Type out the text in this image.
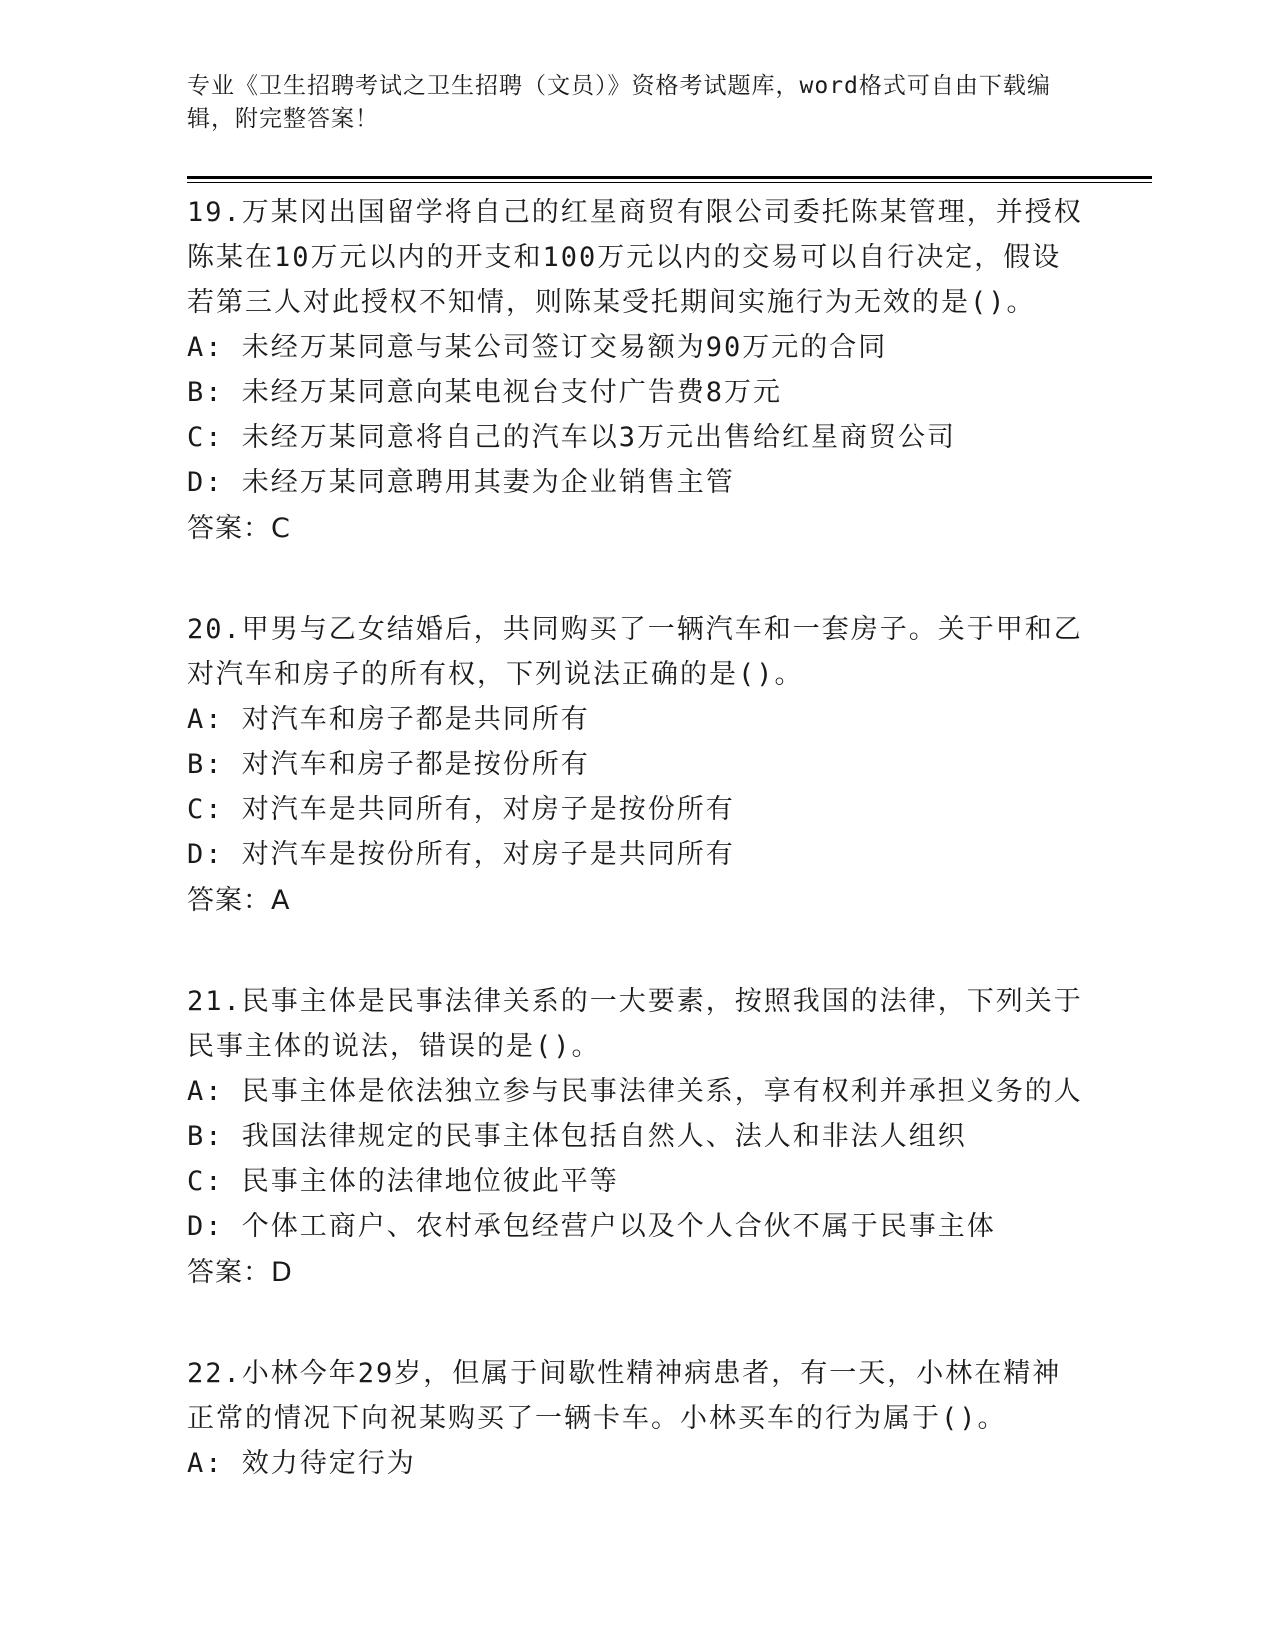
专业《卫生招聘考试之卫生招聘（文员）》资格考试题库，word格式可自由下载编辑，附完整答案！

19.万某冈出国留学将自己的红星商贸有限公司委托陈某管理，并授权陈某在10万元以内的开支和100万元以内的交易可以自行决定，假设若第三人对此授权不知情，则陈某受托期间实施行为无效的是()。

A: 未经万某同意与某公司签订交易额为90万元的合同

B: 未经万某同意向某电视台支付广告费8万元

C: 未经万某同意将自己的汽车以3万元出售给红星商贸公司

D: 未经万某同意聘用其妻为企业销售主管

答案：C

20.甲男与乙女结婚后，共同购买了一辆汽车和一套房子。关于甲和乙对汽车和房子的所有权，下列说法正确的是()。

A: 对汽车和房子都是共同所有

B: 对汽车和房子都是按份所有

C: 对汽车是共同所有，对房子是按份所有

D: 对汽车是按份所有，对房子是共同所有

答案：A

21.民事主体是民事法律关系的一大要素，按照我国的法律，下列关于民事主体的说法，错误的是()。

A: 民事主体是依法独立参与民事法律关系，享有权利并承担义务的人

B: 我国法律规定的民事主体包括自然人、法人和非法人组织

C: 民事主体的法律地位彼此平等

D: 个体工商户、农村承包经营户以及个人合伙不属于民事主体

答案：D

22.小林今年29岁，但属于间歇性精神病患者，有一天，小林在精神正常的情况下向祝某购买了一辆卡车。小林买车的行为属于()。

A: 效力待定行为
